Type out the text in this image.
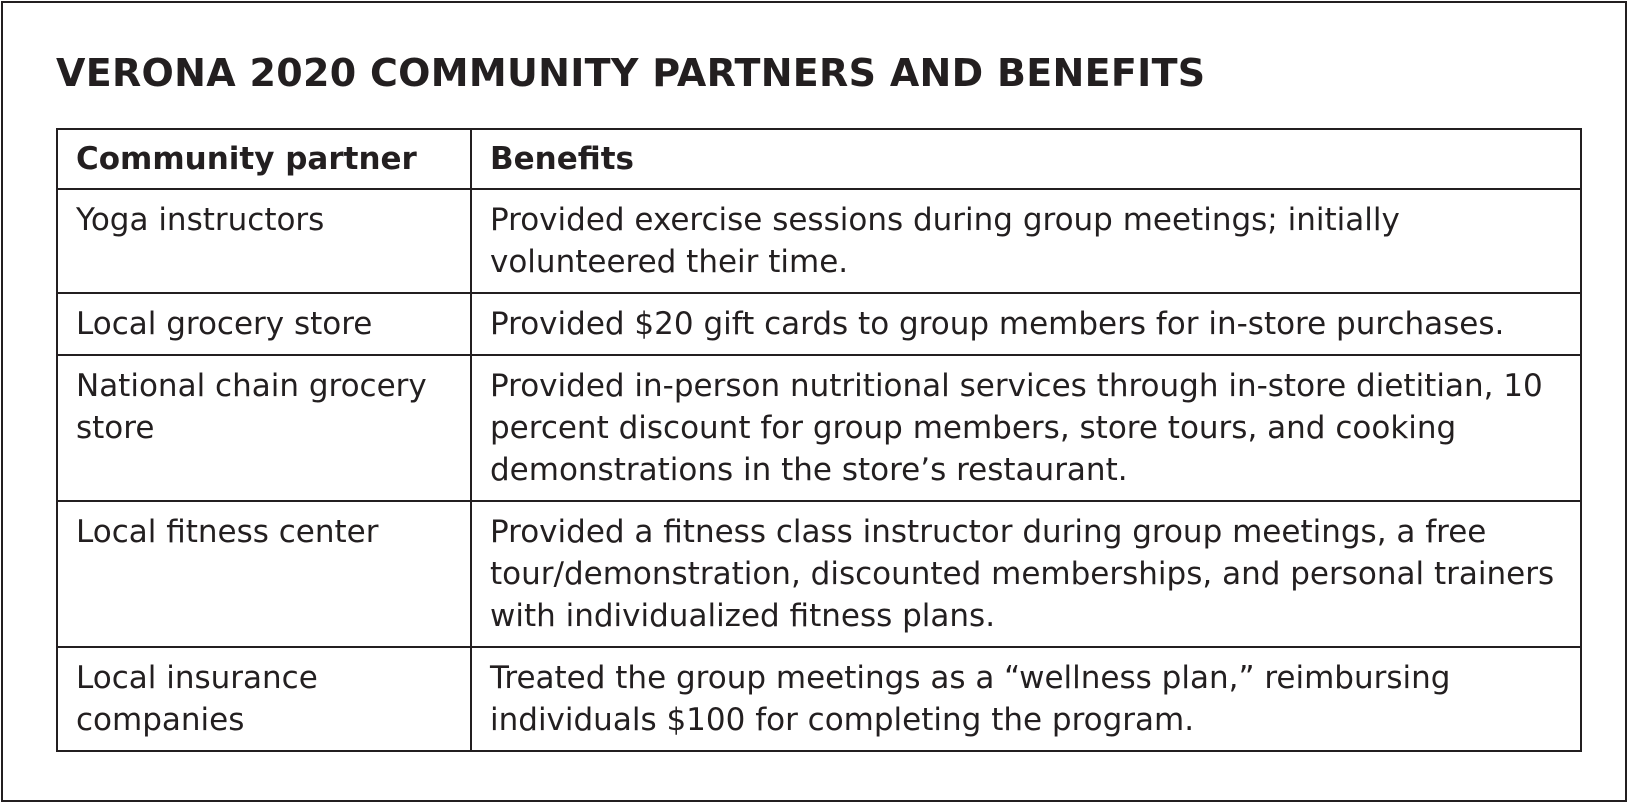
VERONA 2020 COMMUNITY PARTNERS AND BENEFITS
Community partner	Benefits
Yoga instructors	Provided exercise sessions during group meetings; initially volunteered their time.
Local grocery store	Provided $20 gift cards to group members for in-store purchases.
National chain grocery store	Provided in-person nutritional services through in-store dietitian, 10 percent discount for group members, store tours, and cooking demonstrations in the store’s restaurant.
Local fitness center	Provided a fitness class instructor during group meetings, a free tour/demonstration, discounted memberships, and personal trainers with individualized fitness plans.
Local insurance companies	Treated the group meetings as a “wellness plan,” reimbursing individuals $100 for completing the program.
